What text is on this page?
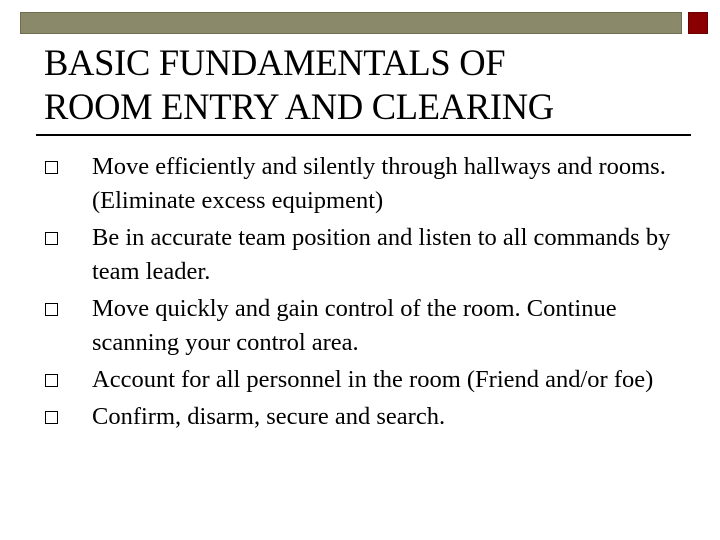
BASIC FUNDAMENTALS OF
ROOM ENTRY AND CLEARING
Move efficiently and silently through hallways and rooms. (Eliminate excess equipment)
Be in accurate team position and listen to all commands by team leader.
Move quickly and gain control of the room. Continue scanning your control area.
Account for all personnel in the room (Friend and/or foe)
Confirm, disarm, secure and search.
